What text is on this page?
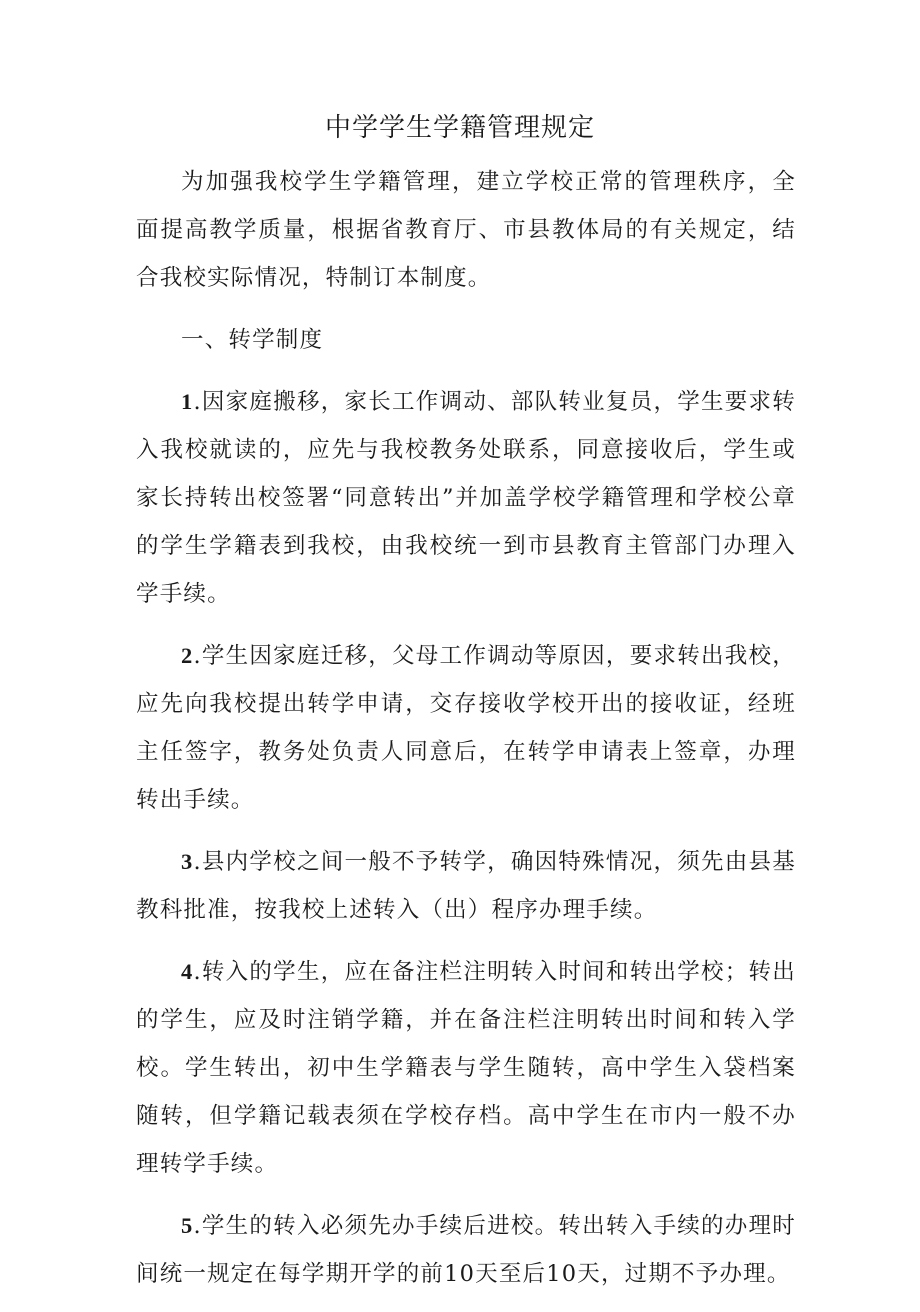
中学学生学籍管理规定

为加强我校学生学籍管理，建立学校正常的管理秩序，全面提高教学质量，根据省教育厅、市县教体局的有关规定，结合我校实际情况，特制订本制度。

一、转学制度

1.因家庭搬移，家长工作调动、部队转业复员，学生要求转入我校就读的，应先与我校教务处联系，同意接收后，学生或家长持转出校签署“同意转出”并加盖学校学籍管理和学校公章的学生学籍表到我校，由我校统一到市县教育主管部门办理入学手续。

2.学生因家庭迁移，父母工作调动等原因，要求转出我校，应先向我校提出转学申请，交存接收学校开出的接收证，经班主任签字，教务处负责人同意后，在转学申请表上签章，办理转出手续。

3.县内学校之间一般不予转学，确因特殊情况，须先由县基教科批准，按我校上述转入（出）程序办理手续。

4.转入的学生，应在备注栏注明转入时间和转出学校；转出的学生，应及时注销学籍，并在备注栏注明转出时间和转入学校。学生转出，初中生学籍表与学生随转，高中学生入袋档案随转，但学籍记载表须在学校存档。高中学生在市内一般不办理转学手续。

5.学生的转入必须先办手续后进校。转出转入手续的办理时间统一规定在每学期开学的前10天至后10天，过期不予办理。
